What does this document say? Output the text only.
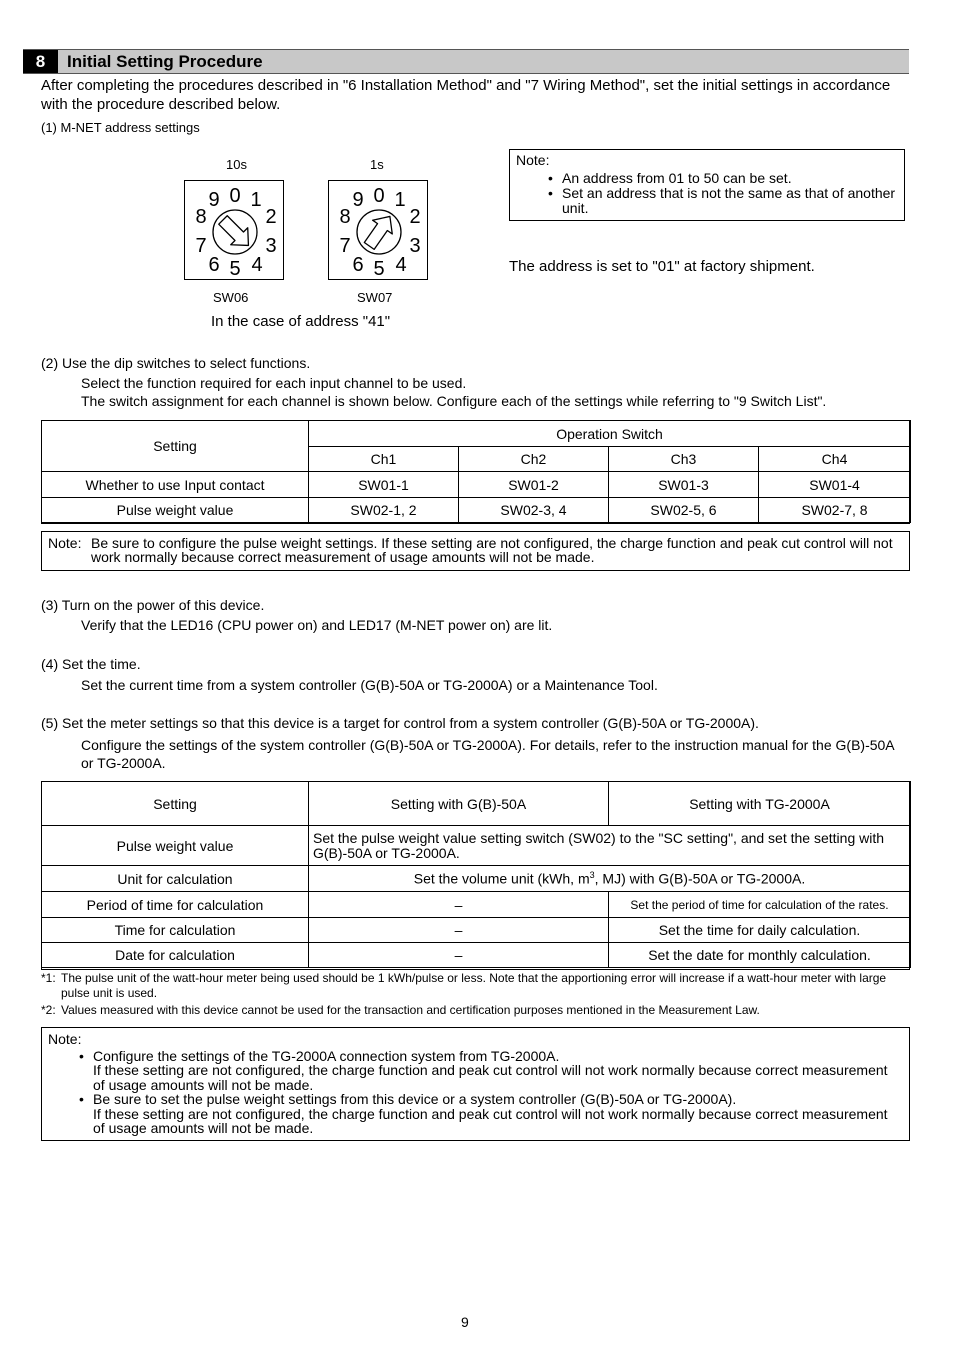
8	Initial Setting Procedure
After completing the procedures described in "6 Installation Method" and "7 Wiring Method", set the initial settings in accordance with the procedure described below.
(1) M-NET address settings
10s	1s
0 1
2
3
4
5
6
7
8
9	0 1
2
3
4
5
6
7
8
9
SW06	SW07
In the case of address "41"
Note:
• An address from 01 to 50 can be set.
• Set an address that is not the same as that of another unit.
The address is set to "01" at factory shipment.
(2) Use the dip switches to select functions.
Select the function required for each input channel to be used.
The switch assignment for each channel is shown below. Configure each of the settings while referring to "9 Switch List".
Setting	Operation Switch			
	Ch1	Ch2	Ch3	Ch4
Whether to use Input contact	SW01-1	SW01-2	SW01-3	SW01-4
Pulse weight value	SW02-1, 2	SW02-3, 4	SW02-5, 6	SW02-7, 8
Note: Be sure to configure the pulse weight settings. If these setting are not configured, the charge function and peak cut control will not work normally because correct measurement of usage amounts will not be made.
(3) Turn on the power of this device.
Verify that the LED16 (CPU power on) and LED17 (M-NET power on) are lit.
(4) Set the time.
Set the current time from a system controller (G(B)-50A or TG-2000A) or a Maintenance Tool.
(5) Set the meter settings so that this device is a target for control from a system controller (G(B)-50A or TG-2000A).
Configure the settings of the system controller (G(B)-50A or TG-2000A). For details, refer to the instruction manual for the G(B)-50A or TG-2000A.
Setting	Setting with G(B)-50A	Setting with TG-2000A
Pulse weight value	Set the pulse weight value setting switch (SW02) to the "SC setting", and set the setting with G(B)-50A or TG-2000A.	
Unit for calculation	Set the volume unit (kWh, $m^3$, MJ) with G(B)-50A or TG-2000A.	
Period of time for calculation	–	Set the period of time for calculation of the rates.
Time for calculation	–	Set the time for daily calculation.
Date for calculation	–	Set the date for monthly calculation.
*1: The pulse unit of the watt-hour meter being used should be 1 kWh/pulse or less. Note that the apportioning error will increase if a watt-hour meter with large pulse unit is used.
*2: Values measured with this device cannot be used for the transaction and certification purposes mentioned in the Measurement Law.
Note:
• Configure the settings of the TG-2000A connection system from TG-2000A.
If these setting are not configured, the charge function and peak cut control will not work normally because correct measurement of usage amounts will not be made.
• Be sure to set the pulse weight settings from this device or a system controller (G(B)-50A or TG-2000A).
If these setting are not configured, the charge function and peak cut control will not work normally because correct measurement of usage amounts will not be made.
9
